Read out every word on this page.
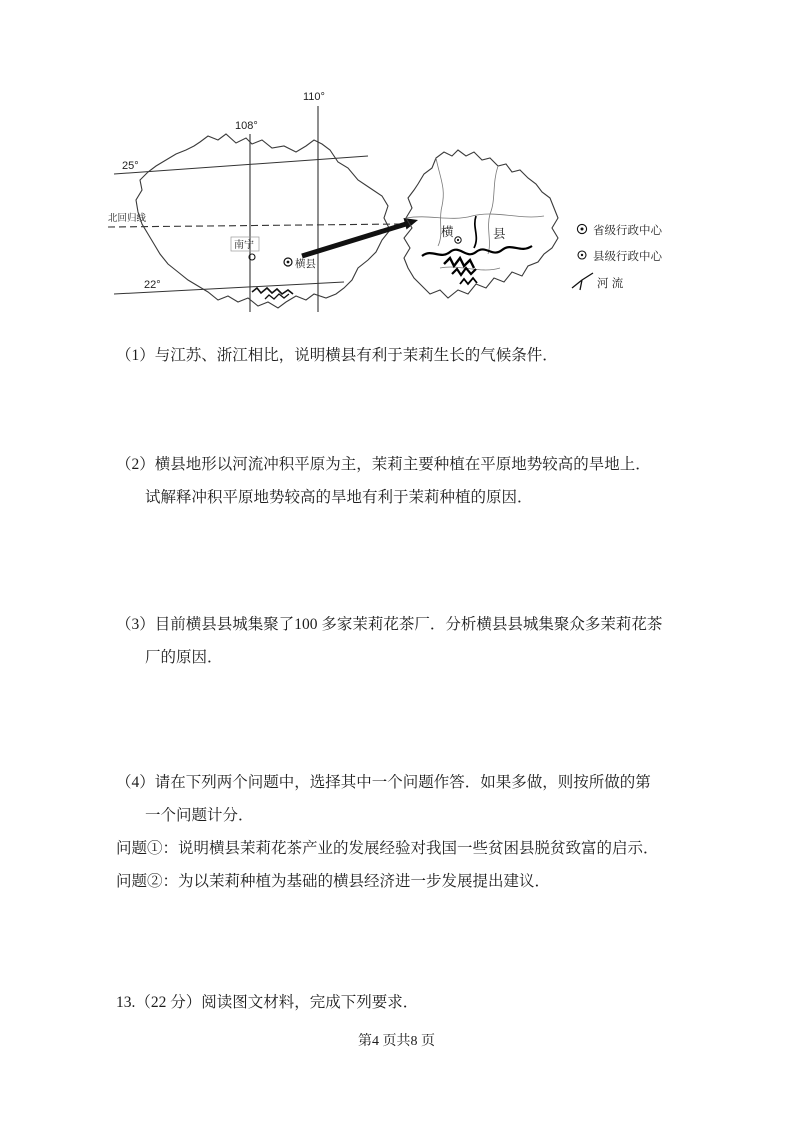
110°
108°
25°
22°
北回归线
南宁
横县
横	县	省级行政中心
县级行政中心
河 流

（1）与江苏、浙江相比，说明横县有利于茉莉生长的气候条件．

（2）横县地形以河流冲积平原为主，茉莉主要种植在平原地势较高的旱地上．试解释冲积平原地势较高的旱地有利于茉莉种植的原因．

（3）目前横县县城集聚了100 多家茉莉花茶厂．分析横县县城集聚众多茉莉花茶厂的原因．

（4）请在下列两个问题中，选择其中一个问题作答．如果多做，则按所做的第一个问题计分．

问题①：说明横县茉莉花茶产业的发展经验对我国一些贫困县脱贫致富的启示．

问题②：为以茉莉种植为基础的横县经济进一步发展提出建议．

13.（22 分）阅读图文材料，完成下列要求．

第4 页共8 页
